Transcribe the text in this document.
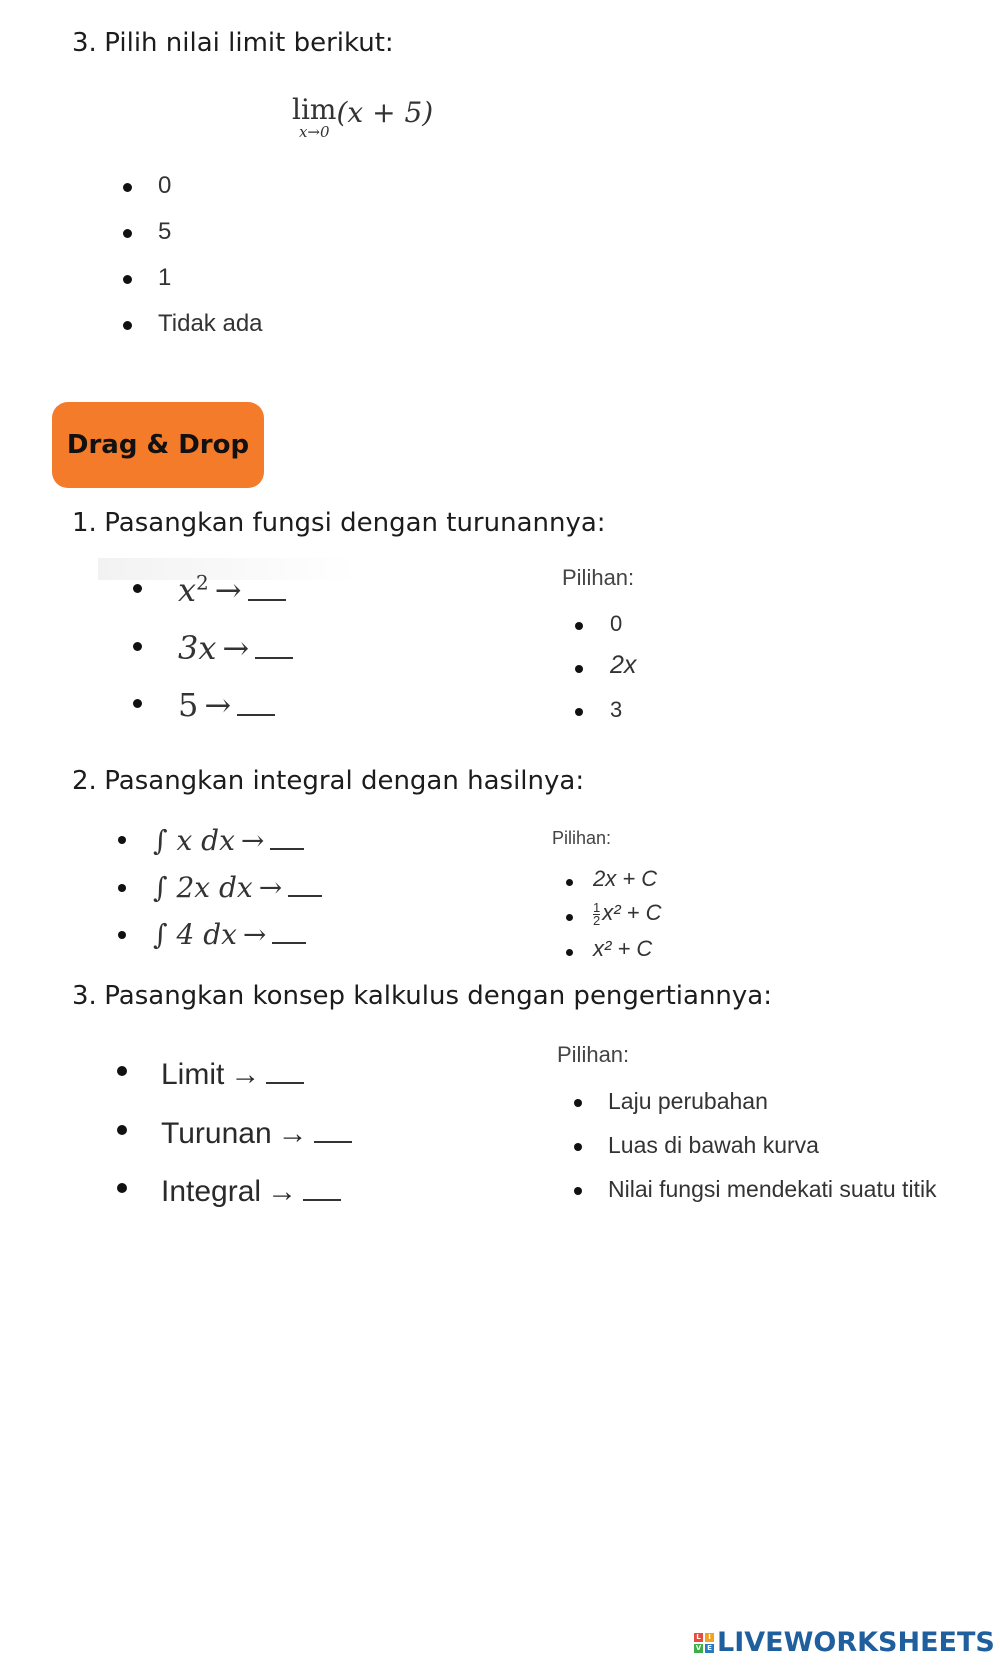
3. Pilih nilai limit berikut:
lim
x→0
(x + 5)
0
5
1
Tidak ada
Drag & Drop
1. Pasangkan fungsi dengan turunannya:
$x^2$ →
3x →
5 →
Pilihan:
0
2x
3
2. Pasangkan integral dengan hasilnya:
∫ x dx →
∫ 2x dx →
∫ 4 dx →
Pilihan:
2x + C
$\frac{1}{2}x^2 + C$
x² + C
3. Pasangkan konsep kalkulus dengan pengertiannya:
Limit →
Turunan →
Integral →
Pilihan:
Laju perubahan
Luas di bawah kurva
Nilai fungsi mendekati suatu titik
L	I
V E LIVEWORKSHEETS
